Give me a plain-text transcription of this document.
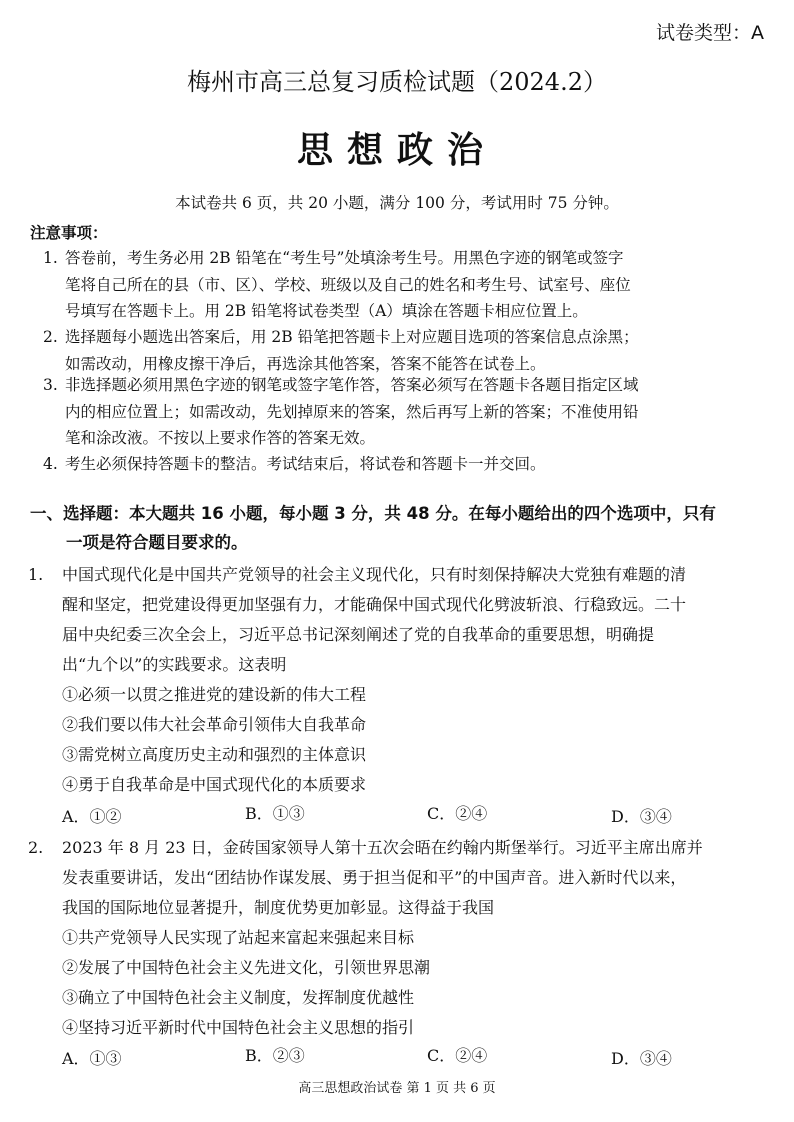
试卷类型：A
梅州市高三总复习质检试题（2024.2）
思想政治
本试卷共 6 页，共 20 小题，满分 100 分，考试用时 75 分钟。
注意事项：
1. 答卷前，考生务必用 2B 铅笔在“考生号”处填涂考生号。用黑色字迹的钢笔或签字
笔将自己所在的县（市、区）、学校、班级以及自己的姓名和考生号、试室号、座位
号填写在答题卡上。用 2B 铅笔将试卷类型（A）填涂在答题卡相应位置上。
2. 选择题每小题选出答案后，用 2B 铅笔把答题卡上对应题目选项的答案信息点涂黑；
如需改动，用橡皮擦干净后，再选涂其他答案，答案不能答在试卷上。
3. 非选择题必须用黑色字迹的钢笔或签字笔作答，答案必须写在答题卡各题目指定区域
内的相应位置上；如需改动，先划掉原来的答案，然后再写上新的答案；不准使用铅
笔和涂改液。不按以上要求作答的答案无效。
4. 考生必须保持答题卡的整洁。考试结束后，将试卷和答题卡一并交回。
一、选择题：本大题共 16 小题，每小题 3 分，共 48 分。在每小题给出的四个选项中，只有
一项是符合题目要求的。
1. 中国式现代化是中国共产党领导的社会主义现代化，只有时刻保持解决大党独有难题的清
醒和坚定，把党建设得更加坚强有力，才能确保中国式现代化劈波斩浪、行稳致远。二十
届中央纪委三次全会上，习近平总书记深刻阐述了党的自我革命的重要思想，明确提
出“九个以”的实践要求。这表明
①必须一以贯之推进党的建设新的伟大工程
②我们要以伟大社会革命引领伟大自我革命
③需党树立高度历史主动和强烈的主体意识
④勇于自我革命是中国式现代化的本质要求
A．①②	B．①③	C．②④	D．③④
2. 2023 年 8 月 23 日，金砖国家领导人第十五次会晤在约翰内斯堡举行。习近平主席出席并
发表重要讲话，发出“团结协作谋发展、勇于担当促和平”的中国声音。进入新时代以来，
我国的国际地位显著提升，制度优势更加彰显。这得益于我国
①共产党领导人民实现了站起来富起来强起来目标
②发展了中国特色社会主义先进文化，引领世界思潮
③确立了中国特色社会主义制度，发挥制度优越性
④坚持习近平新时代中国特色社会主义思想的指引
A．①③	B．②③	C．②④	D．③④
高三思想政治试卷 第 1 页 共 6 页
